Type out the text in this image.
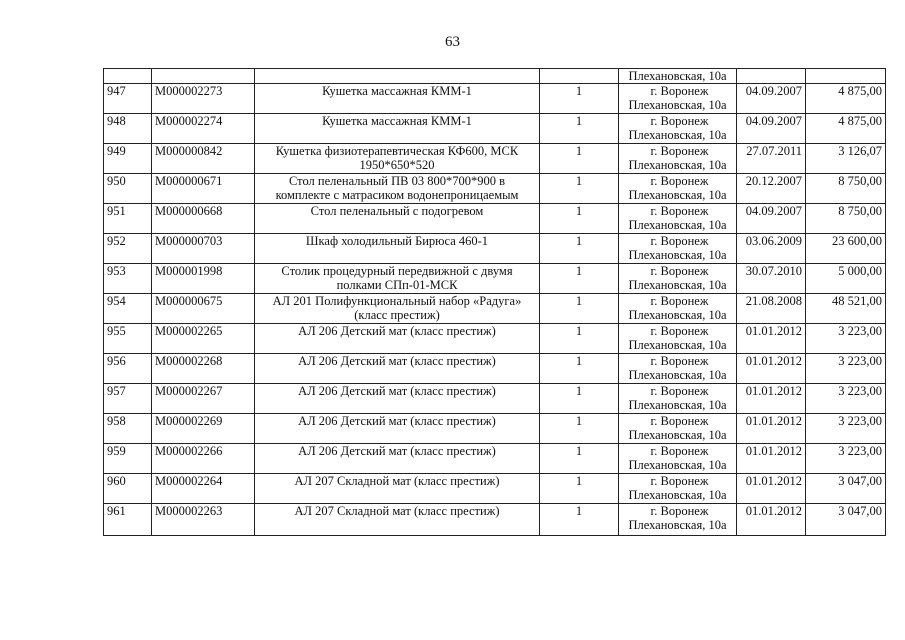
63
				Плехановская, 10а		
947	М000002273	Кушетка массажная КММ-1	1	г. Воронеж
Плехановская, 10а	04.09.2007	4 875,00
948	М000002274	Кушетка массажная КММ-1	1	г. Воронеж
Плехановская, 10а	04.09.2007	4 875,00
949	М000000842	Кушетка физиотерапевтическая КФ600, МСК
1950*650*520	1	г. Воронеж
Плехановская, 10а	27.07.2011	3 126,07
950	М000000671	Стол пеленальный ПВ 03 800*700*900 в
комплекте с матрасиком водонепроницаемым	1	г. Воронеж
Плехановская, 10а	20.12.2007	8 750,00
951	М000000668	Стол пеленальный с подогревом	1	г. Воронеж
Плехановская, 10а	04.09.2007	8 750,00
952	М000000703	Шкаф холодильный Бирюса 460-1	1	г. Воронеж
Плехановская, 10а	03.06.2009	23 600,00
953	М000001998	Столик процедурный передвижной с двумя
полками СПп-01-МСК	1	г. Воронеж
Плехановская, 10а	30.07.2010	5 000,00
954	М000000675	АЛ 201 Полифункциональный набор «Радуга»
(класс престиж)	1	г. Воронеж
Плехановская, 10а	21.08.2008	48 521,00
955	М000002265	АЛ 206 Детский мат (класс престиж)	1	г. Воронеж
Плехановская, 10а	01.01.2012	3 223,00
956	М000002268	АЛ 206 Детский мат (класс престиж)	1	г. Воронеж
Плехановская, 10а	01.01.2012	3 223,00
957	М000002267	АЛ 206 Детский мат (класс престиж)	1	г. Воронеж
Плехановская, 10а	01.01.2012	3 223,00
958	М000002269	АЛ 206 Детский мат (класс престиж)	1	г. Воронеж
Плехановская, 10а	01.01.2012	3 223,00
959	М000002266	АЛ 206 Детский мат (класс престиж)	1	г. Воронеж
Плехановская, 10а	01.01.2012	3 223,00
960	М000002264	АЛ 207 Складной мат (класс престиж)	1	г. Воронеж
Плехановская, 10а	01.01.2012	3 047,00
961	М000002263	АЛ 207 Складной мат (класс престиж)	1	г. Воронеж
Плехановская, 10а	01.01.2012	3 047,00
